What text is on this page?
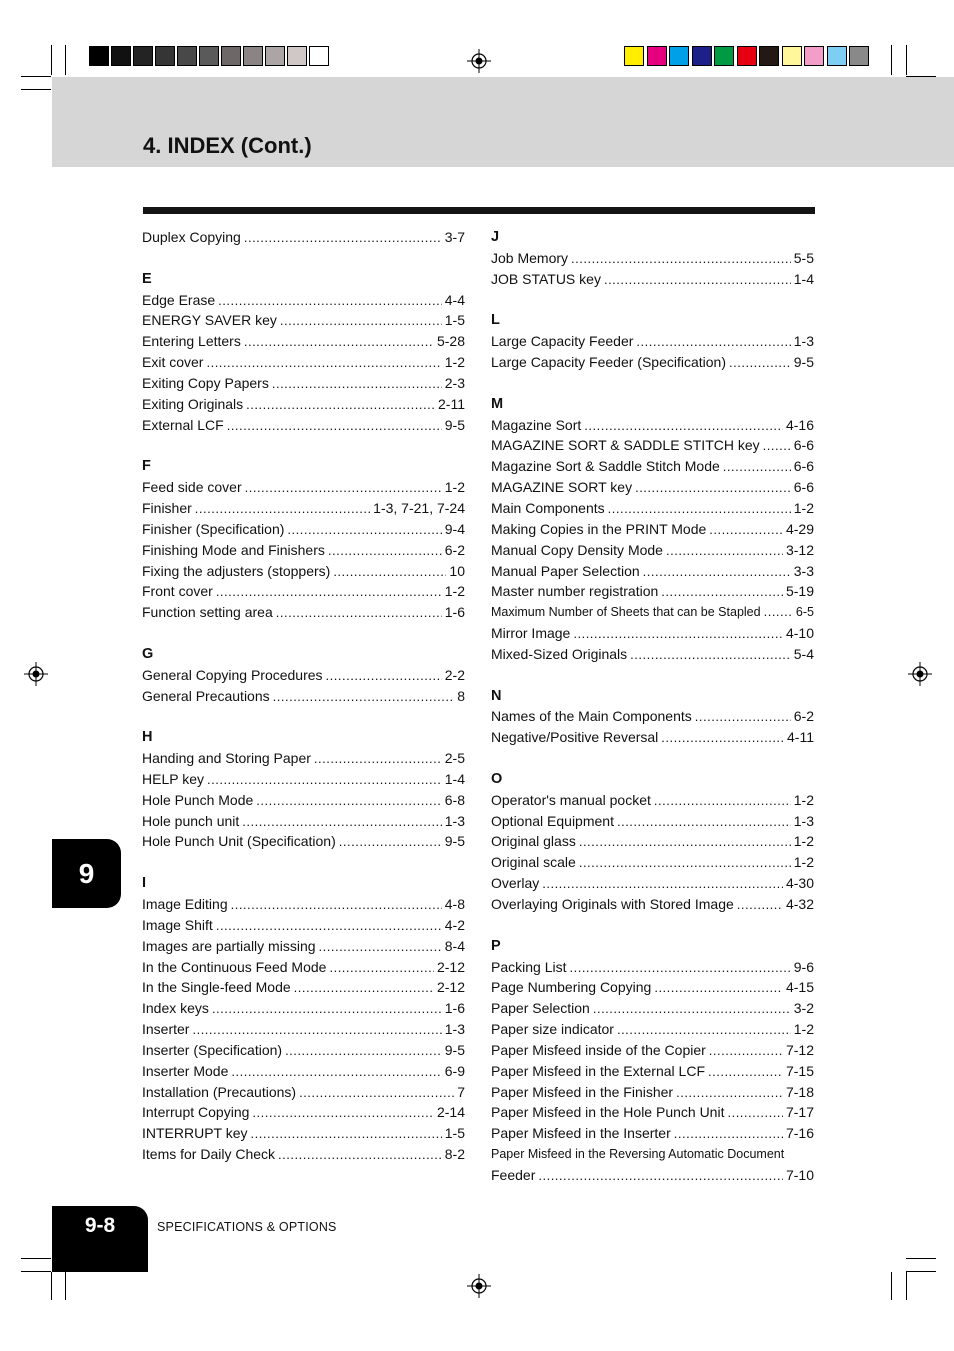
4. INDEX (Cont.)
Duplex Copying .....	3-7
E
Edge Erase .....	4-4
ENERGY SAVER key .....	1-5
Entering Letters .....	5-28
Exit cover .....	1-2
Exiting Copy Papers .....	2-3
Exiting Originals .....	2-11
External LCF .....	9-5
F
Feed side cover .....	1-2
Finisher .....	1-3, 7-21, 7-24
Finisher (Specification) .....	9-4
Finishing Mode and Finishers .....	6-2
Fixing the adjusters (stoppers) .....	10
Front cover .....	1-2
Function setting area .....	1-6
G
General Copying Procedures .....	2-2
General Precautions .....	8
H
Handing and Storing Paper .....	2-5
HELP key .....	1-4
Hole Punch Mode .....	6-8
Hole punch unit .....	1-3
Hole Punch Unit (Specification) .....	9-5
I
Image Editing .....	4-8
Image Shift .....	4-2
Images are partially missing .....	8-4
In the Continuous Feed Mode .....	2-12
In the Single-feed Mode .....	2-12
Index keys .....	1-6
Inserter .....	1-3
Inserter (Specification) .....	9-5
Inserter Mode .....	6-9
Installation (Precautions) .....	7
Interrupt Copying .....	2-14
INTERRUPT key .....	1-5
Items for Daily Check .....	8-2
J
Job Memory .....	5-5
JOB STATUS key .....	1-4
L
Large Capacity Feeder .....	1-3
Large Capacity Feeder (Specification) .....	9-5
M
Magazine Sort .....	4-16
MAGAZINE SORT & SADDLE STITCH key ..... 6-6
Magazine Sort & Saddle Stitch Mode .....	6-6
MAGAZINE SORT key .....	6-6
Main Components .....	1-2
Making Copies in the PRINT Mode .....	4-29
Manual Copy Density Mode .....	3-12
Manual Paper Selection .....	3-3
Master number registration .....	5-19
Maximum Number of Sheets that can be Stapled .....	6-5
Mirror Image .....	4-10
Mixed-Sized Originals .....	5-4
N
Names of the Main Components .....	6-2
Negative/Positive Reversal .....	4-11
O
Operator's manual pocket .....	1-2
Optional Equipment .....	1-3
Original glass .....	1-2
Original scale .....	1-2
Overlay .....	4-30
Overlaying Originals with Stored Image .....	4-32
P
Packing List .....	9-6
Page Numbering Copying .....	4-15
Paper Selection .....	3-2
Paper size indicator .....	1-2
Paper Misfeed inside of the Copier .....	7-12
Paper Misfeed in the External LCF .....	7-15
Paper Misfeed in the Finisher .....	7-18
Paper Misfeed in the Hole Punch Unit .....	7-17
Paper Misfeed in the Inserter .....	7-16
Paper Misfeed in the Reversing Automatic Document
Feeder .....	7-10
9
9-8	SPECIFICATIONS & OPTIONS
